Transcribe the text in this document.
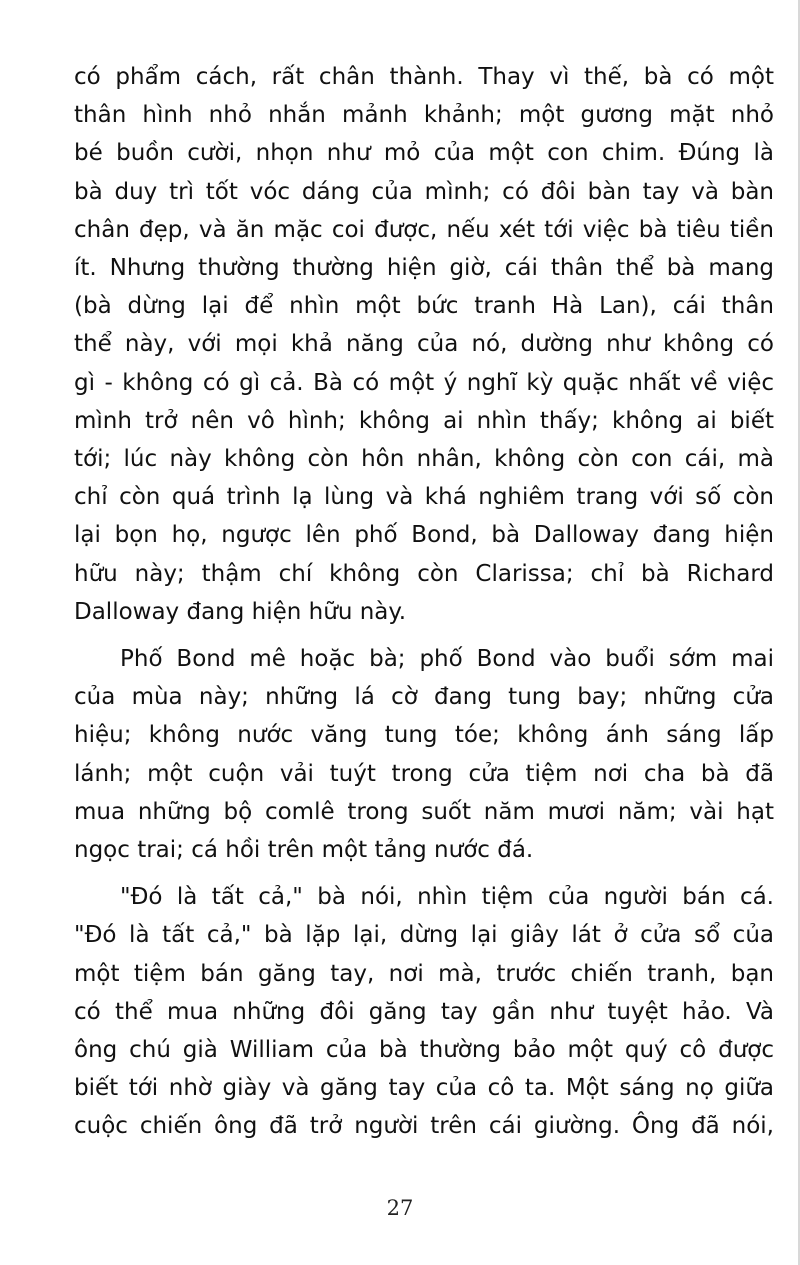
có phẩm cách, rất chân thành. Thay vì thế, bà có một
thân hình nhỏ nhắn mảnh khảnh; một gương mặt nhỏ
bé buồn cười, nhọn như mỏ của một con chim. Đúng là
bà duy trì tốt vóc dáng của mình; có đôi bàn tay và bàn
chân đẹp, và ăn mặc coi được, nếu xét tới việc bà tiêu tiền
ít. Nhưng thường thường hiện giờ, cái thân thể bà mang
(bà dừng lại để nhìn một bức tranh Hà Lan), cái thân
thể này, với mọi khả năng của nó, dường như không có
gì - không có gì cả. Bà có một ý nghĩ kỳ quặc nhất về việc
mình trở nên vô hình; không ai nhìn thấy; không ai biết
tới; lúc này không còn hôn nhân, không còn con cái, mà
chỉ còn quá trình lạ lùng và khá nghiêm trang với số còn
lại bọn họ, ngược lên phố Bond, bà Dalloway đang hiện
hữu này; thậm chí không còn Clarissa; chỉ bà Richard
Dalloway đang hiện hữu này.
Phố Bond mê hoặc bà; phố Bond vào buổi sớm mai
của mùa này; những lá cờ đang tung bay; những cửa
hiệu; không nước văng tung tóe; không ánh sáng lấp
lánh; một cuộn vải tuýt trong cửa tiệm nơi cha bà đã
mua những bộ comlê trong suốt năm mươi năm; vài hạt
ngọc trai; cá hồi trên một tảng nước đá.
"Đó là tất cả," bà nói, nhìn tiệm của người bán cá.
"Đó là tất cả," bà lặp lại, dừng lại giây lát ở cửa sổ của
một tiệm bán găng tay, nơi mà, trước chiến tranh, bạn
có thể mua những đôi găng tay gần như tuyệt hảo. Và
ông chú già William của bà thường bảo một quý cô được
biết tới nhờ giày và găng tay của cô ta. Một sáng nọ giữa
cuộc chiến ông đã trở người trên cái giường. Ông đã nói,
27
